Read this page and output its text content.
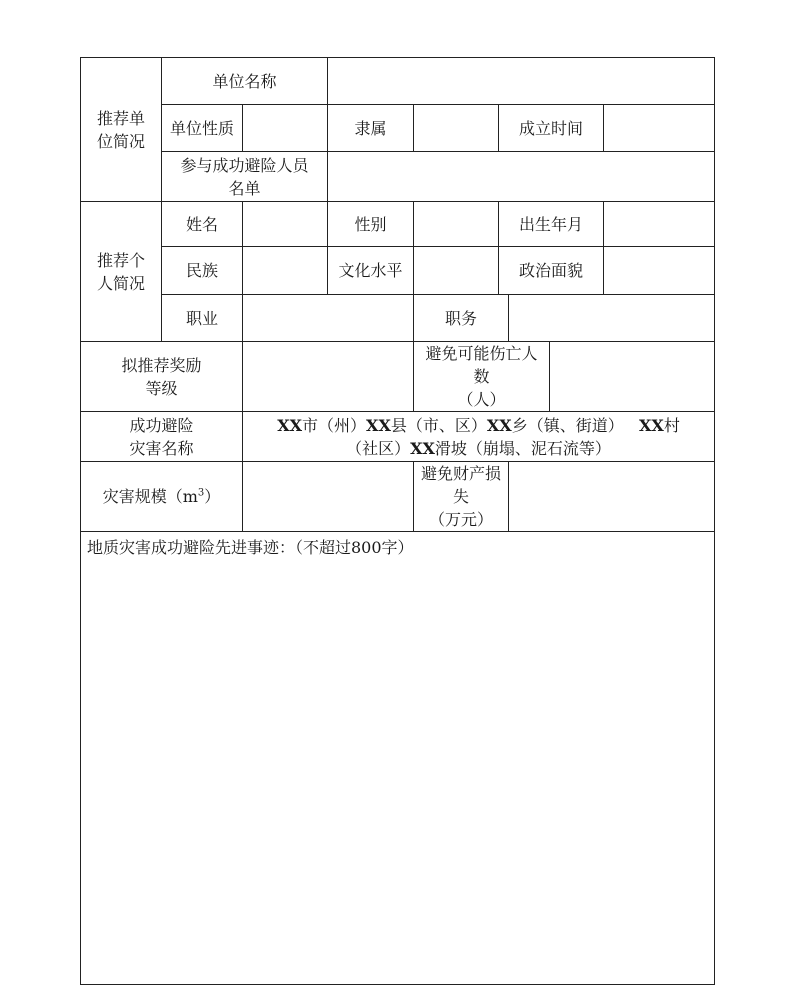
推荐单
位简况	单位名称							
	单位性质		隶属		成立时间			

	参与成功避险人员
名单							

推荐个
人简况	姓名		性别		出生年月			
	民族		文化水平		政治面貌			
	职业			职务				

拟推荐奖励
等级				避免可能伤亡人数
（人）				

成功避险
灾害名称		XX市（州）XX县（市、区）XX乡（镇、街道） XX村
（社区）XX滑坡（崩塌、泥石流等）						

灾害规模$(m^3)$				避免财产损失
（万元）				

地质灾害成功避险先进事迹：（不超过800字）								
